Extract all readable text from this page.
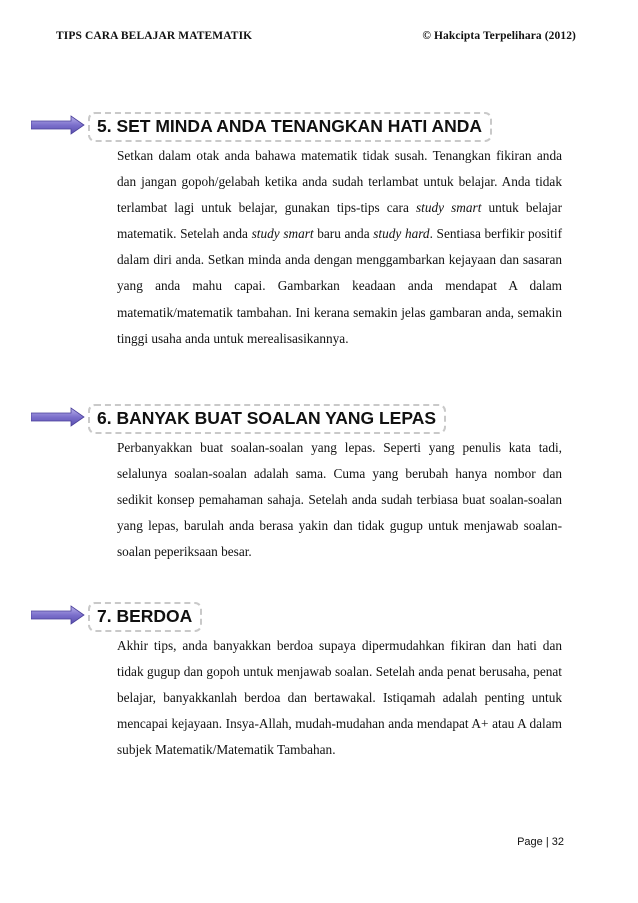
TIPS CARA BELAJAR MATEMATIK	© Hakcipta Terpelihara (2012)
5. SET MINDA ANDA TENANGKAN HATI ANDA

Setkan dalam otak anda bahawa matematik tidak susah. Tenangkan fikiran anda dan jangan gopoh/gelabah ketika anda sudah terlambat untuk belajar. Anda tidak terlambat lagi untuk belajar, gunakan tips-tips cara study smart untuk belajar matematik. Setelah anda study smart baru anda study hard. Sentiasa berfikir positif dalam diri anda. Setkan minda anda dengan menggambarkan kejayaan dan sasaran yang anda mahu capai. Gambarkan keadaan anda mendapat A dalam matematik/matematik tambahan. Ini kerana semakin jelas gambaran anda, semakin tinggi usaha anda untuk merealisasikannya.

6. BANYAK BUAT SOALAN YANG LEPAS

Perbanyakkan buat soalan-soalan yang lepas. Seperti yang penulis kata tadi, selalunya soalan-soalan adalah sama. Cuma yang berubah hanya nombor dan sedikit konsep pemahaman sahaja. Setelah anda sudah terbiasa buat soalan-soalan yang lepas, barulah anda berasa yakin dan tidak gugup untuk menjawab soalan-soalan peperiksaan besar.

7. BERDOA

Akhir tips, anda banyakkan berdoa supaya dipermudahkan fikiran dan hati dan tidak gugup dan gopoh untuk menjawab soalan. Setelah anda penat berusaha, penat belajar, banyakkanlah berdoa dan bertawakal. Istiqamah adalah penting untuk mencapai kejayaan. Insya-Allah, mudah-mudahan anda mendapat A+ atau A dalam subjek Matematik/Matematik Tambahan.

Page | 32
